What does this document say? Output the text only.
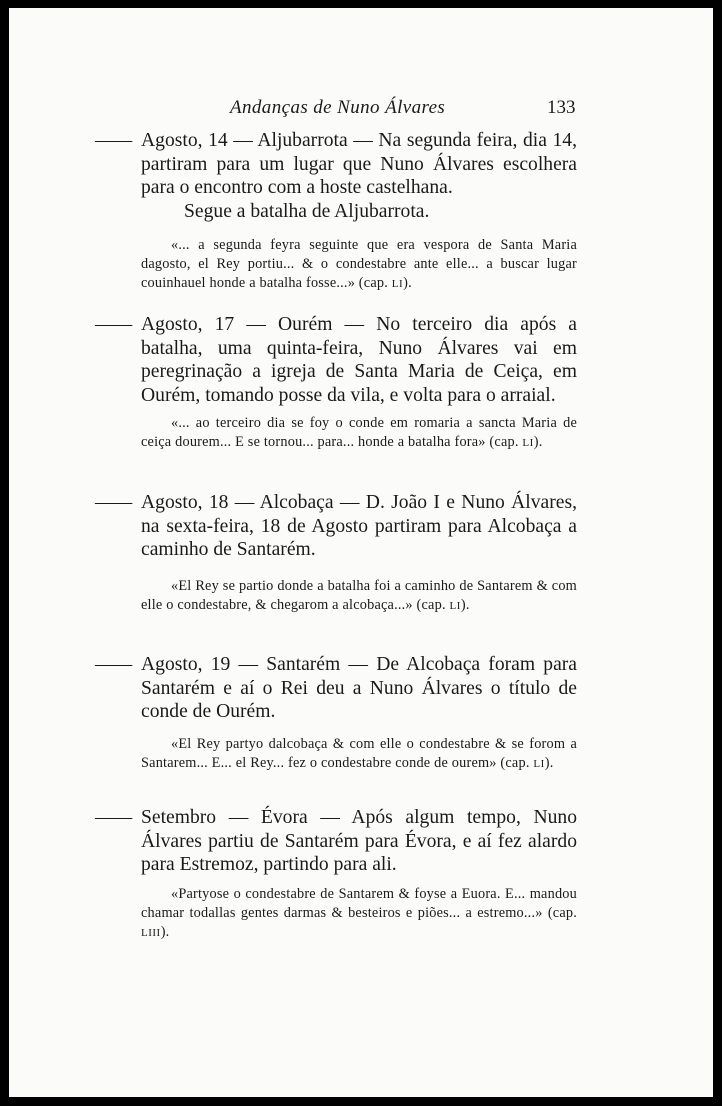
Andanças de Nuno Álvares	133
—— Agosto, 14 — Aljubarrota — Na segunda feira, dia 14, partiram para um lugar que Nuno Álvares escolhera para o encontro com a hoste castelhana.

Segue a batalha de Aljubarrota.

«... a segunda feyra seguinte que era vespora de Santa Maria dagosto, el Rey portiu... & o condestabre ante elle... a buscar lugar couinhauel honde a batalha fosse...» (cap. LI).

—— Agosto, 17 — Ourém — No terceiro dia após a batalha, uma quinta-feira, Nuno Álvares vai em peregrinação a igreja de Santa Maria de Ceiça, em Ourém, tomando posse da vila, e volta para o arraial.

«... ao terceiro dia se foy o conde em romaria a sancta Maria de ceiça dourem... E se tornou... para... honde a batalha fora» (cap. LI).

—— Agosto, 18 — Alcobaça — D. João I e Nuno Álvares, na sexta-feira, 18 de Agosto partiram para Alcobaça a caminho de Santarém.

«El Rey se partio donde a batalha foi a caminho de Santarem & com elle o condestabre, & chegarom a alcobaça...» (cap. LI).

—— Agosto, 19 — Santarém — De Alcobaça foram para Santarém e aí o Rei deu a Nuno Álvares o título de conde de Ourém.

«El Rey partyo dalcobaça & com elle o condestabre & se forom a Santarem... E... el Rey... fez o condestabre conde de ourem» (cap. LI).

—— Setembro — Évora — Após algum tempo, Nuno Álvares partiu de Santarém para Évora, e aí fez alardo para Estremoz, partindo para ali.

«Partyose o condestabre de Santarem & foyse a Euora. E... mandou chamar todallas gentes darmas & besteiros e piões... a estremo...» (cap. LIII).
